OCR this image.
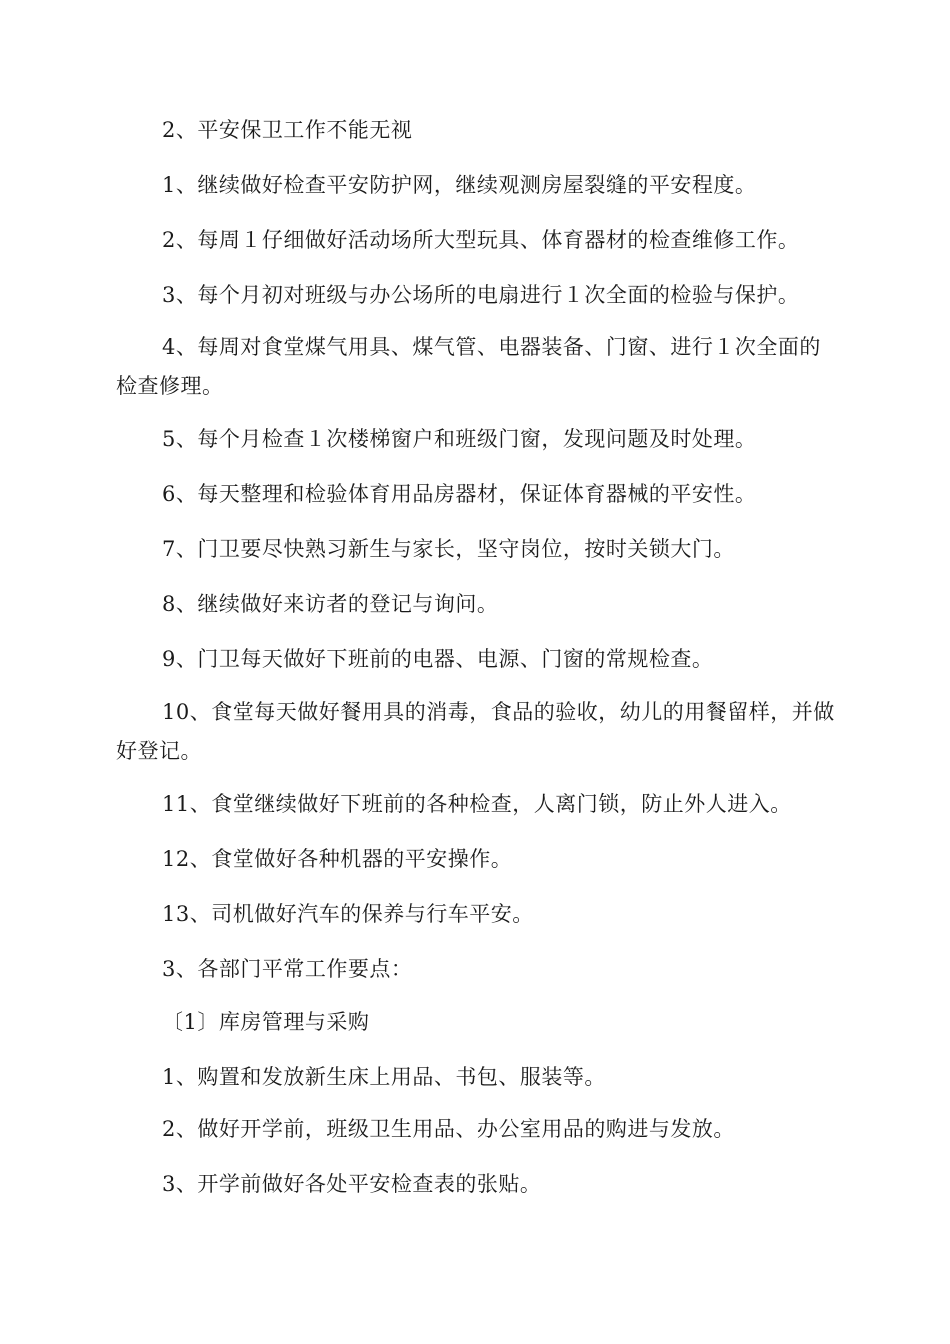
2、平安保卫工作不能无视

1、继续做好检查平安防护网，继续观测房屋裂缝的平安程度。

2、每周１仔细做好活动场所大型玩具、体育器材的检查维修工作。

3、每个月初对班级与办公场所的电扇进行１次全面的检验与保护。

4、每周对食堂煤气用具、煤气管、电器装备、门窗、进行１次全面的检查修理。

5、每个月检查１次楼梯窗户和班级门窗，发现问题及时处理。

6、每天整理和检验体育用品房器材，保证体育器械的平安性。

7、门卫要尽快熟习新生与家长，坚守岗位，按时关锁大门。

8、继续做好来访者的登记与询问。

9、门卫每天做好下班前的电器、电源、门窗的常规检查。

10、食堂每天做好餐用具的消毒，食品的验收，幼儿的用餐留样，并做好登记。

11、食堂继续做好下班前的各种检查，人离门锁，防止外人进入。

12、食堂做好各种机器的平安操作。

13、司机做好汽车的保养与行车平安。

3、各部门平常工作要点：

〔1〕库房管理与采购

1、购置和发放新生床上用品、书包、服装等。

2、做好开学前，班级卫生用品、办公室用品的购进与发放。

3、开学前做好各处平安检查表的张贴。
